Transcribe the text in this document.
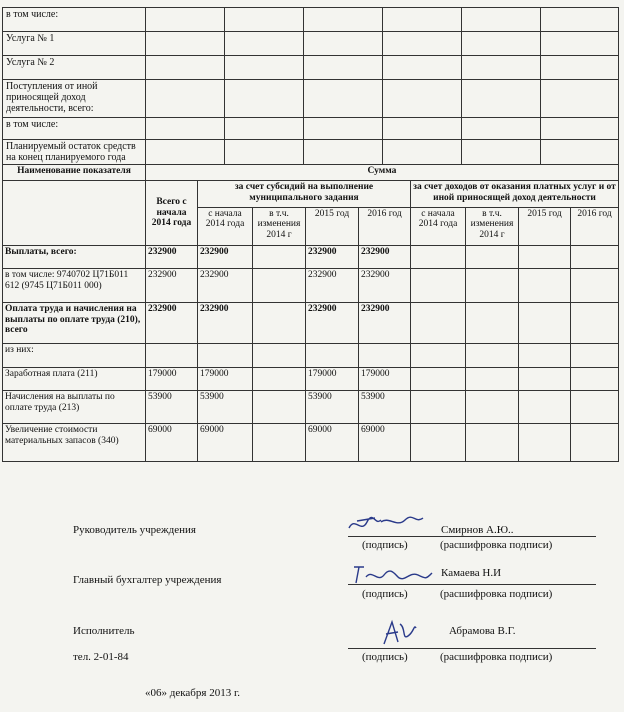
в том числе:						
Услуга № 1						
Услуга № 2						
Поступления от иной приносящей доход деятельности, всего:						
в том числе:						
Планируемый остаток средств на конец планируемого года						
Наименование показателя	Сумма								
	Всего с начала 2014 года	за счет субсидий на выполнение муниципального задания				за счет доходов от оказания платных услуг и от иной приносящей доход деятельности			
		с начала 2014 года	в т.ч. изменения 2014 г	2015 год	2016 год	с начала 2014 года	в т.ч. изменения 2014 г	2015 год	2016 год
Выплаты, всего:	232900	232900		232900	232900				
в том числе: 9740702 Ц71Б011 612 (9745 Ц71Б011 000)	232900	232900		232900	232900				
Оплата труда и начисления на выплаты по оплате труда (210), всего	232900	232900		232900	232900				
из них:									
Заработная плата (211)	179000	179000		179000	179000				
Начисления на выплаты по оплате труда (213)	53900	53900		53900	53900				
Увеличение стоимости материальных запасов (340)	69000	69000		69000	69000				
Руководитель учреждения	Смирнов А.Ю..
(подпись)	(расшифровка подписи)
Главный бухгалтер учреждения
Камаева Н.И
(подпись)	(расшифровка подписи)
Исполнитель	Абрамова В.Г.
тел. 2-01-84	(подпись)	(расшифровка подписи)
«06» декабря 2013 г.
